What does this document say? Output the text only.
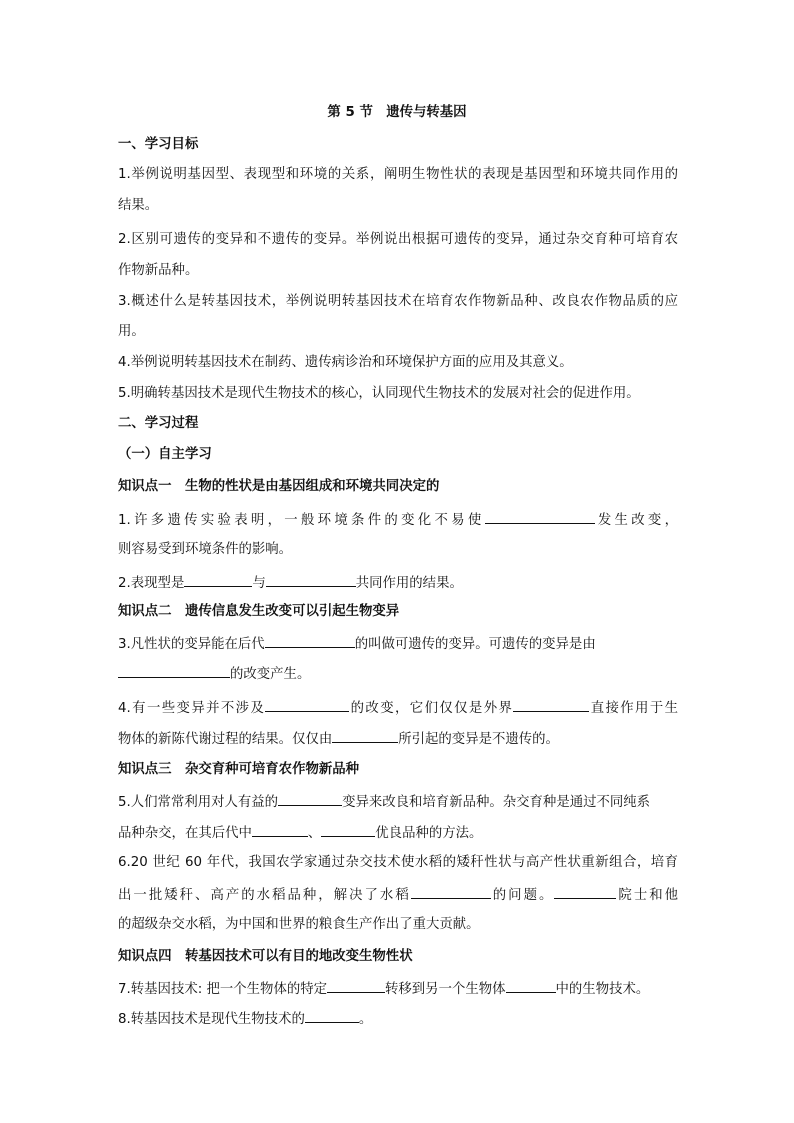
第 5 节　遗传与转基因
一、学习目标
1.举例说明基因型、表现型和环境的关系，阐明生物性状的表现是基因型和环境共同作用的
结果。
2.区别可遗传的变异和不遗传的变异。举例说出根据可遗传的变异，通过杂交育种可培育农
作物新品种。
3.概述什么是转基因技术，举例说明转基因技术在培育农作物新品种、改良农作物品质的应
用。
4.举例说明转基因技术在制药、遗传病诊治和环境保护方面的应用及其意义。
5.明确转基因技术是现代生物技术的核心，认同现代生物技术的发展对社会的促进作用。
二、学习过程
（一）自主学习
知识点一　生物的性状是由基因组成和环境共同决定的
1.许多遗传实验表明，一般环境条件的变化不易使	发生改变，
则容易受到环境条件的影响。
2.表现型是	与	共同作用的结果。
知识点二　遗传信息发生改变可以引起生物变异
3.凡性状的变异能在后代	的叫做可遗传的变异。可遗传的变异是由
的改变产生。
4.有一些变异并不涉及	的改变，它们仅仅是外界	直接作用于生
物体的新陈代谢过程的结果。仅仅由	所引起的变异是不遗传的。
知识点三　杂交育种可培育农作物新品种
5.人们常常利用对人有益的	变异来改良和培育新品种。杂交育种是通过不同纯系
品种杂交，在其后代中	、	优良品种的方法。
6.20 世纪 60 年代，我国农学家通过杂交技术使水稻的矮秆性状与高产性状重新组合，培育
出一批矮秆、高产的水稻品种，解决了水稻	的问题。	院士和他
的超级杂交水稻，为中国和世界的粮食生产作出了重大贡献。
知识点四　转基因技术可以有目的地改变生物性状
7.转基因技术: 把一个生物体的特定	转移到另一个生物体	中的生物技术。
8.转基因技术是现代生物技术的	。
